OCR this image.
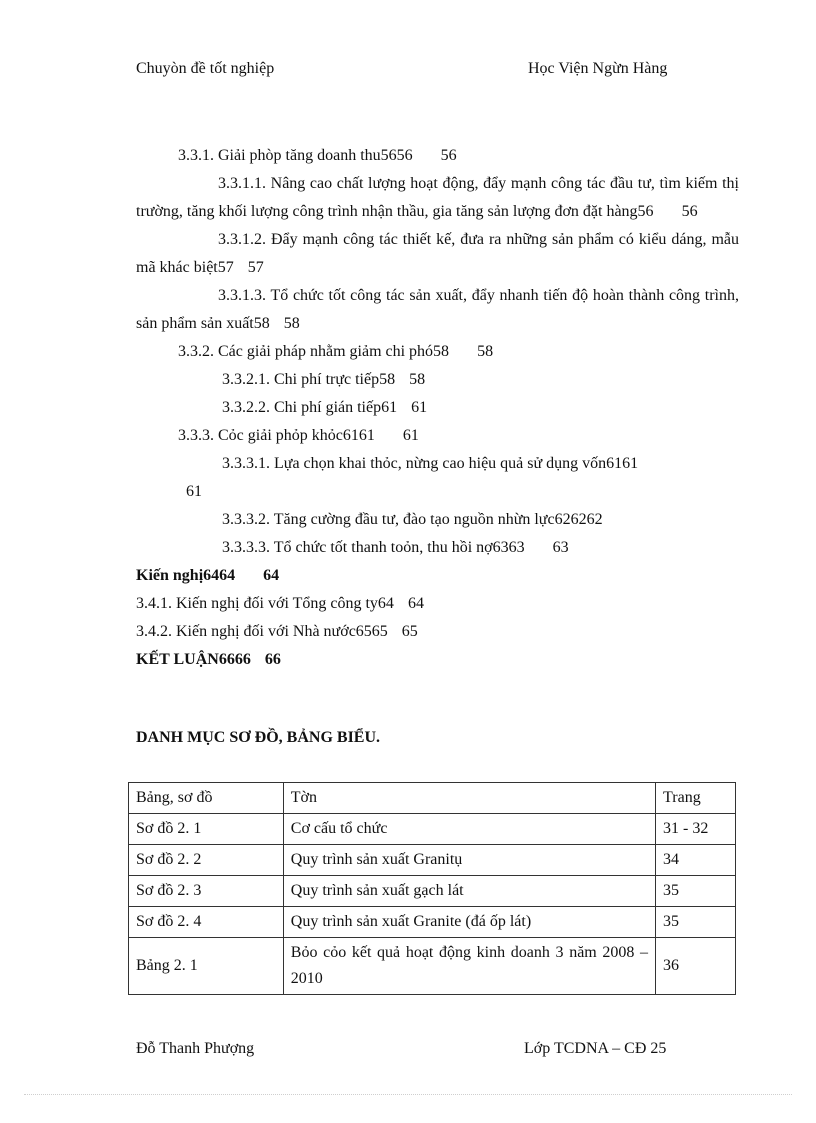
Chuyòn đề tốt nghiệp	Học Viện Ngừn Hàng
3.3.1. Giải phòp tăng doanh thu5656 56
3.3.1.1. Nâng cao chất lượng hoạt động, đẩy mạnh công tác đầu tư, tìm kiếm thị trường, tăng khối lượng công trình nhận thầu, gia tăng sản lượng đơn đặt hàng56 56
3.3.1.2. Đẩy mạnh công tác thiết kế, đưa ra những sản phẩm có kiểu dáng, mẫu mã khác biệt57 57
3.3.1.3. Tổ chức tốt công tác sản xuất, đẩy nhanh tiến độ hoàn thành công trình, sản phẩm sản xuất58 58
3.3.2. Các giải pháp nhằm giảm chi phó58 58
3.3.2.1. Chi phí trực tiếp58 58
3.3.2.2. Chi phí gián tiếp61 61
3.3.3. Cỏc giải phỏp khỏc6161 61
3.3.3.1. Lựa chọn khai thỏc, nừng cao hiệu quả sử dụng vốn6161
61
3.3.3.2. Tăng cường đầu tư, đào tạo nguồn nhừn lực626262
3.3.3.3. Tổ chức tốt thanh toỏn, thu hồi nợ6363 63
Kiến nghị6464 64
3.4.1. Kiến nghị đối với Tổng công ty64 64
3.4.2. Kiến nghị đối với Nhà nước6565 65
KẾT LUẬN6666 66
DANH MỤC SƠ ĐỒ, BẢNG BIỂU.
Bảng, sơ đồ	Tờn	Trang
Sơ đồ 2. 1	Cơ cấu tổ chức	31 - 32
Sơ đồ 2. 2	Quy trình sản xuất Granitụ	34
Sơ đồ 2. 3	Quy trình sản xuất gạch lát	35
Sơ đồ 2. 4	Quy trình sản xuất Granite (đá ốp lát)	35
Bảng 2. 1	Bỏo cỏo kết quả hoạt động kinh doanh 3 năm 2008 – 2010	36
Đỗ Thanh Phượng	Lớp TCDNA – CĐ 25
